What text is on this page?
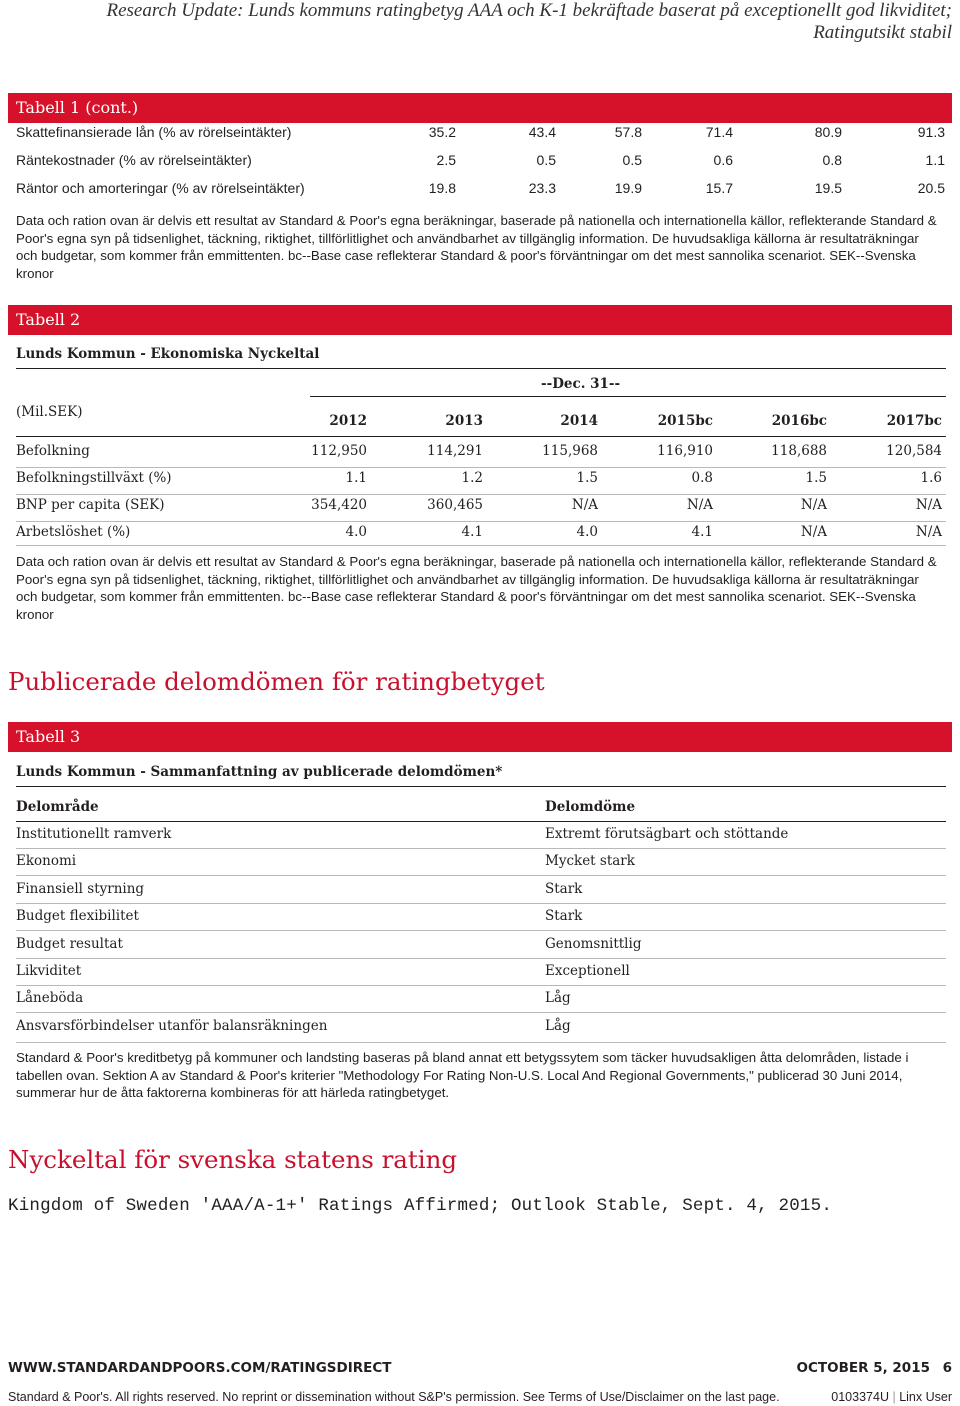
Research Update: Lunds kommuns ratingbetyg AAA och K-1 bekräftade baserat på exceptionellt god likviditet;
Ratingutsikt stabil
Tabell 1 (cont.)
Skattefinansierade lån (% av rörelseintäkter)	35.2	43.4	57.8	71.4	80.9	91.3
Räntekostnader (% av rörelseintäkter)	2.5	0.5	0.5	0.6	0.8	1.1
Räntor och amorteringar (% av rörelseintäkter)	19.8	23.3	19.9	15.7	19.5	20.5
Data och ration ovan är delvis ett resultat av Standard & Poor's egna beräkningar, baserade på nationella och internationella källor, reflekterande Standard & Poor's egna syn på tidsenlighet, täckning, riktighet, tillförlitlighet och användbarhet av tillgänglig information. De huvudsakliga källorna är resultaträkningar och budgetar, som kommer från emmittenten. bc--Base case reflekterar Standard & poor's förväntningar om det mest sannolika scenariot. SEK--Svenska kronor
Tabell 2
Lunds Kommun - Ekonomiska Nyckeltal
--Dec. 31--
(Mil.SEK)
2012	2013	2014	2015bc	2016bc	2017bc
Befolkning	112,950	114,291	115,968	116,910	118,688	120,584
Befolkningstillväxt (%)	1.1	1.2	1.5	0.8	1.5	1.6
BNP per capita (SEK)	354,420	360,465	N/A	N/A	N/A	N/A
Arbetslöshet (%)	4.0	4.1	4.0	4.1	N/A	N/A
Data och ration ovan är delvis ett resultat av Standard & Poor's egna beräkningar, baserade på nationella och internationella källor, reflekterande Standard & Poor's egna syn på tidsenlighet, täckning, riktighet, tillförlitlighet och användbarhet av tillgänglig information. De huvudsakliga källorna är resultaträkningar och budgetar, som kommer från emmittenten. bc--Base case reflekterar Standard & poor's förväntningar om det mest sannolika scenariot. SEK--Svenska kronor
Publicerade delomdömen för ratingbetyget
Tabell 3
Lunds Kommun - Sammanfattning av publicerade delomdömen*
Delområde	Delomdöme
Institutionellt ramverk	Extremt förutsägbart och stöttande
Ekonomi	Mycket stark
Finansiell styrning	Stark
Budget flexibilitet	Stark
Budget resultat	Genomsnittlig
Likviditet	Exceptionell
Låneböda	Låg
Ansvarsförbindelser utanför balansräkningen	Låg
Standard & Poor's kreditbetyg på kommuner och landsting baseras på bland annat ett betygssytem som täcker huvudsakligen åtta delområden, listade i tabellen ovan. Sektion A av Standard & Poor's kriterier "Methodology For Rating Non-U.S. Local And Regional Governments," publicerad 30 Juni 2014, summerar hur de åtta faktorerna kombineras för att härleda ratingbetyget.
Nyckeltal för svenska statens rating
Kingdom of Sweden 'AAA/A-1+' Ratings Affirmed; Outlook Stable, Sept. 4, 2015.
WWW.STANDARDANDPOORS.COM/RATINGSDIRECT	OCTOBER 5, 2015 6
Standard & Poor's. All rights reserved. No reprint or dissemination without S&P's permission. See Terms of Use/Disclaimer on the last page.	0103374U | Linx User
